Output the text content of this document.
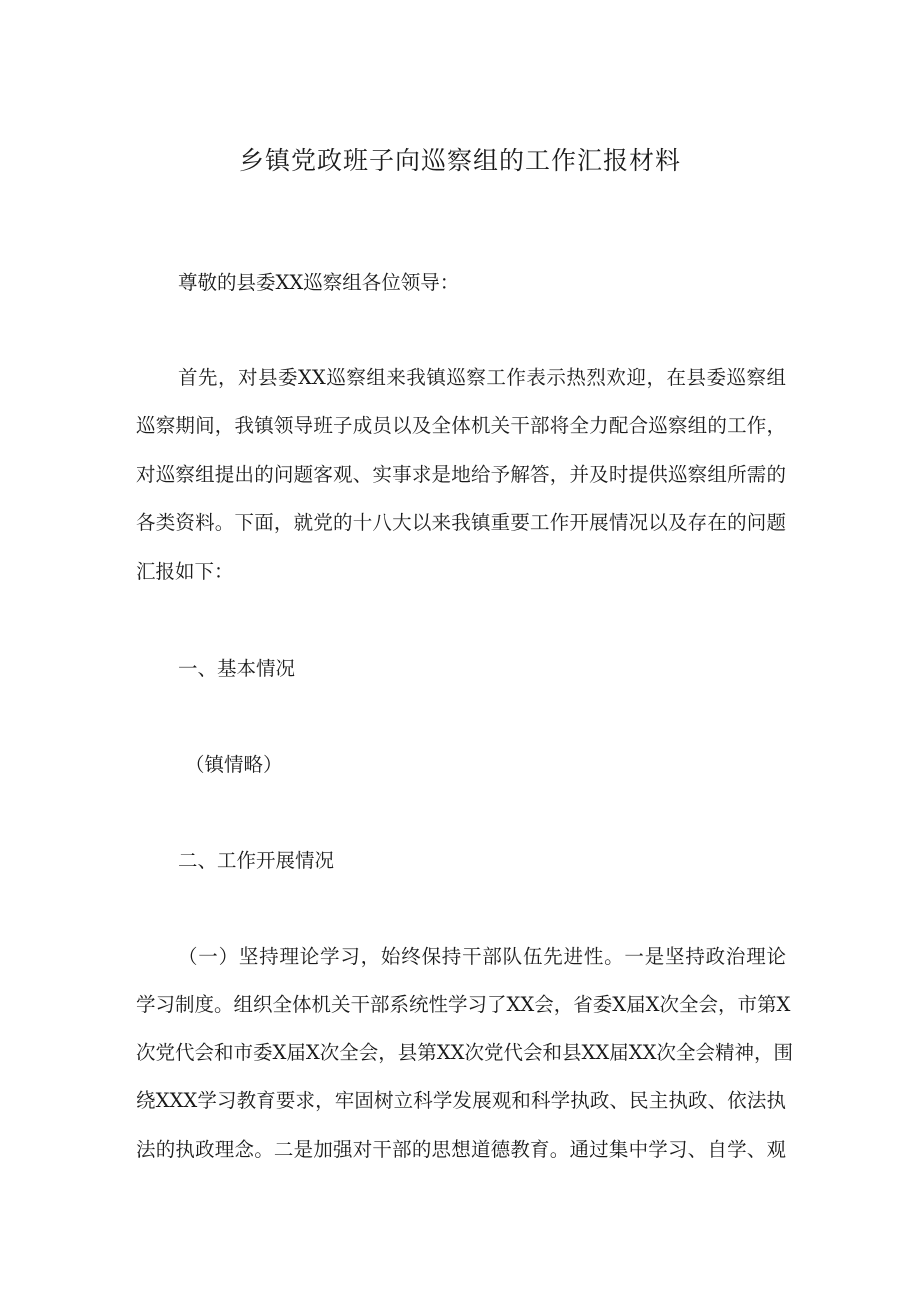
乡镇党政班子向巡察组的工作汇报材料
尊敬的县委XX巡察组各位领导：
首先，对县委XX巡察组来我镇巡察工作表示热烈欢迎，在县委巡察组
巡察期间，我镇领导班子成员以及全体机关干部将全力配合巡察组的工作，
对巡察组提出的问题客观、实事求是地给予解答，并及时提供巡察组所需的
各类资料。下面，就党的十八大以来我镇重要工作开展情况以及存在的问题
汇报如下：
一、基本情况
（镇情略）
二、工作开展情况
（一）坚持理论学习，始终保持干部队伍先进性。一是坚持政治理论
学习制度。组织全体机关干部系统性学习了XX会，省委X届X次全会，市第X
次党代会和市委X届X次全会，县第XX次党代会和县XX届XX次全会精神，围
绕XXX学习教育要求，牢固树立科学发展观和科学执政、民主执政、依法执
法的执政理念。二是加强对干部的思想道德教育。通过集中学习、自学、观
